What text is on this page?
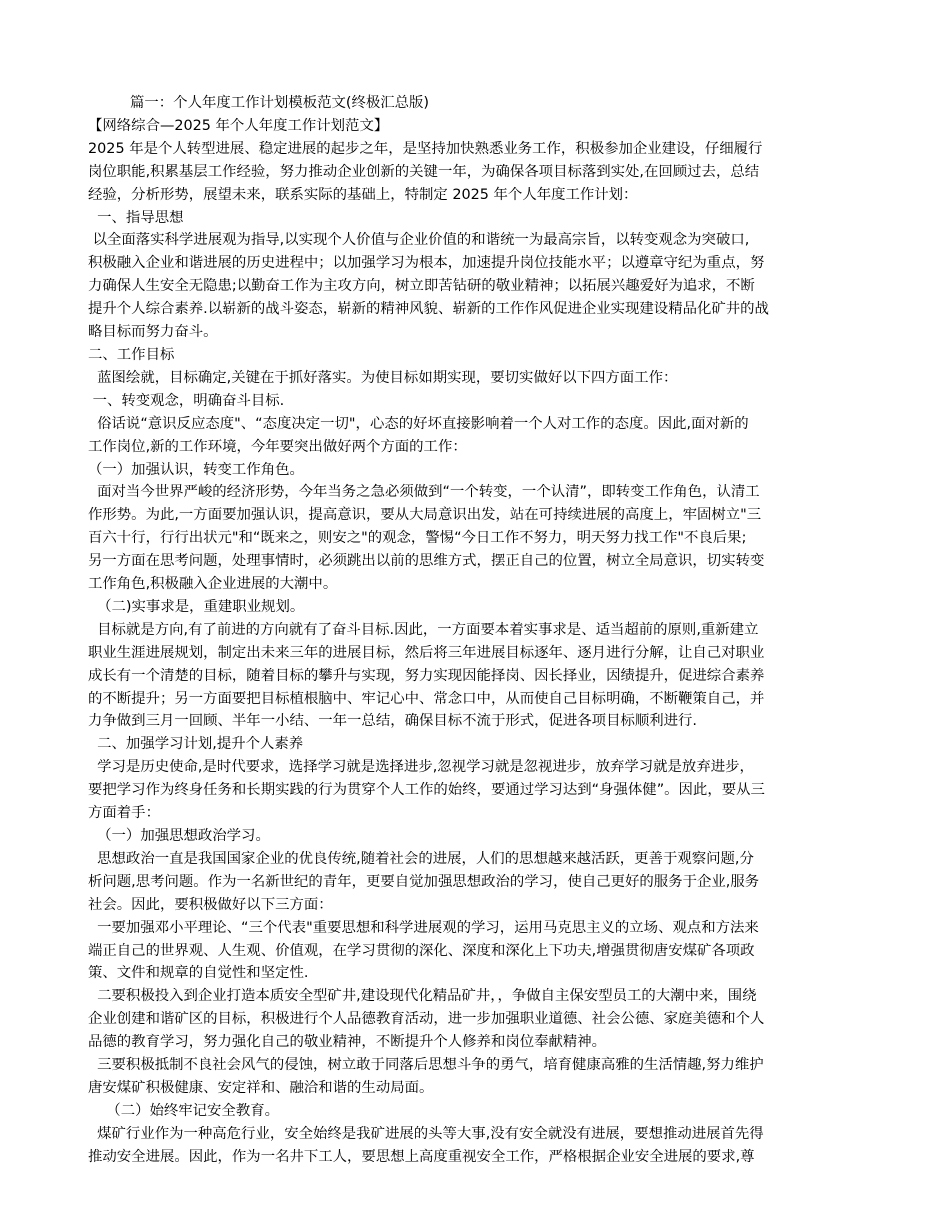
篇一：个人年度工作计划模板范文(终极汇总版)
【网络综合—2025 年个人年度工作计划范文】
2025 年是个人转型进展、稳定进展的起步之年，是坚持加快熟悉业务工作，积极参加企业建设，仔细履行
岗位职能,积累基层工作经验，努力推动企业创新的关键一年，为确保各项目标落到实处,在回顾过去，总结
经验，分析形势，展望未来，联系实际的基础上，特制定 2025 年个人年度工作计划：
一、指导思想
以全面落实科学进展观为指导,以实现个人价值与企业价值的和谐统一为最高宗旨，以转变观念为突破口,
积极融入企业和谐进展的历史进程中；以加强学习为根本，加速提升岗位技能水平；以遵章守纪为重点，努
力确保人生安全无隐患;以勤奋工作为主攻方向，树立即苦钻研的敬业精神；以拓展兴趣爱好为追求，不断
提升个人综合素养.以崭新的战斗姿态，崭新的精神风貌、崭新的工作作风促进企业实现建设精品化矿井的战
略目标而努力奋斗。
二、工作目标
蓝图绘就，目标确定,关键在于抓好落实。为使目标如期实现，要切实做好以下四方面工作：
一、转变观念，明确奋斗目标.
俗话说“意识反应态度"、“态度决定一切"，心态的好坏直接影响着一个人对工作的态度。因此,面对新的
工作岗位,新的工作环境，今年要突出做好两个方面的工作：
（一）加强认识，转变工作角色。
面对当今世界严峻的经济形势，今年当务之急必须做到“一个转变，一个认清”，即转变工作角色，认清工
作形势。为此,一方面要加强认识，提高意识，要从大局意识出发，站在可持续进展的高度上，牢固树立"三
百六十行，行行出状元"和“既来之，则安之"的观念，警惕“今日工作不努力，明天努力找工作"不良后果;
另一方面在思考问题，处理事情时，必须跳出以前的思维方式，摆正自己的位置，树立全局意识，切实转变
工作角色,积极融入企业进展的大潮中。
（二)实事求是，重建职业规划。
目标就是方向,有了前进的方向就有了奋斗目标.因此，一方面要本着实事求是、适当超前的原则,重新建立
职业生涯进展规划，制定出未来三年的进展目标，然后将三年进展目标逐年、逐月进行分解，让自己对职业
成长有一个清楚的目标，随着目标的攀升与实现，努力实现因能择岗、因长择业，因绩提升，促进综合素养
的不断提升；另一方面要把目标植根脑中、牢记心中、常念口中，从而使自己目标明确，不断鞭策自己，并
力争做到三月一回顾、半年一小结、一年一总结，确保目标不流于形式，促进各项目标顺利进行.
二、加强学习计划,提升个人素养
学习是历史使命,是时代要求，选择学习就是选择进步,忽视学习就是忽视进步，放弃学习就是放弃进步，
要把学习作为终身任务和长期实践的行为贯穿个人工作的始终，要通过学习达到“身强体健”。因此，要从三
方面着手：
（一）加强思想政治学习。
思想政治一直是我国国家企业的优良传统,随着社会的进展，人们的思想越来越活跃，更善于观察问题,分
析问题,思考问题。作为一名新世纪的青年，更要自觉加强思想政治的学习，使自己更好的服务于企业,服务
社会。因此，要积极做好以下三方面：
一要加强邓小平理论、“三个代表"重要思想和科学进展观的学习，运用马克思主义的立场、观点和方法来
端正自己的世界观、人生观、价值观，在学习贯彻的深化、深度和深化上下功夫,增强贯彻唐安煤矿各项政
策、文件和规章的自觉性和坚定性.
二要积极投入到企业打造本质安全型矿井,建设现代化精品矿井，，争做自主保安型员工的大潮中来，围绕
企业创建和谐矿区的目标，积极进行个人品德教育活动，进一步加强职业道德、社会公德、家庭美德和个人
品德的教育学习，努力强化自己的敬业精神，不断提升个人修养和岗位奉献精神。
三要积极抵制不良社会风气的侵蚀，树立敢于同落后思想斗争的勇气，培育健康高雅的生活情趣,努力维护
唐安煤矿积极健康、安定祥和、融洽和谐的生动局面。
（二）始终牢记安全教育。
煤矿行业作为一种高危行业，安全始终是我矿进展的头等大事,没有安全就没有进展，要想推动进展首先得
推动安全进展。因此，作为一名井下工人，要思想上高度重视安全工作，严格根据企业安全进展的要求,尊
